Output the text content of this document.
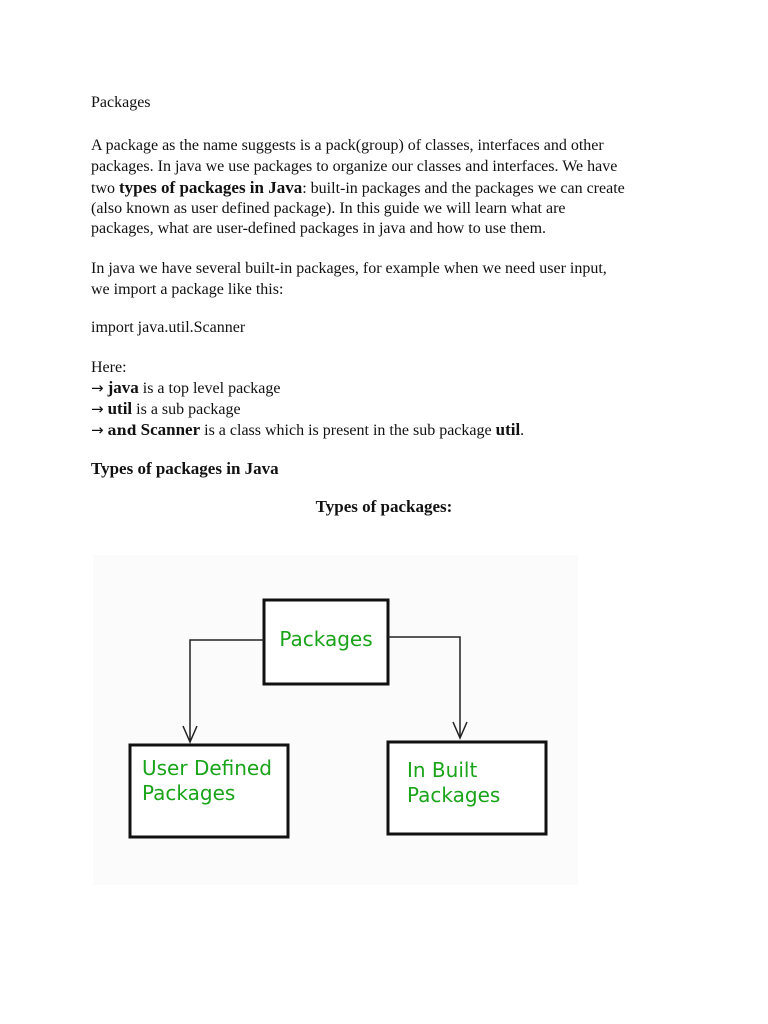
Packages
A package as the name suggests is a pack(group) of classes, interfaces and other
packages. In java we use packages to organize our classes and interfaces. We have
two types of packages in Java: built-in packages and the packages we can create
(also known as user defined package). In this guide we will learn what are
packages, what are user-defined packages in java and how to use them.
In java we have several built-in packages, for example when we need user input,
we import a package like this:
import java.util.Scanner
Here:
→ java is a top level package
→ util is a sub package
→ and Scanner is a class which is present in the sub package util.
Types of packages in Java
Types of packages:
Packages
User Defined
Packages
In Built
Packages
